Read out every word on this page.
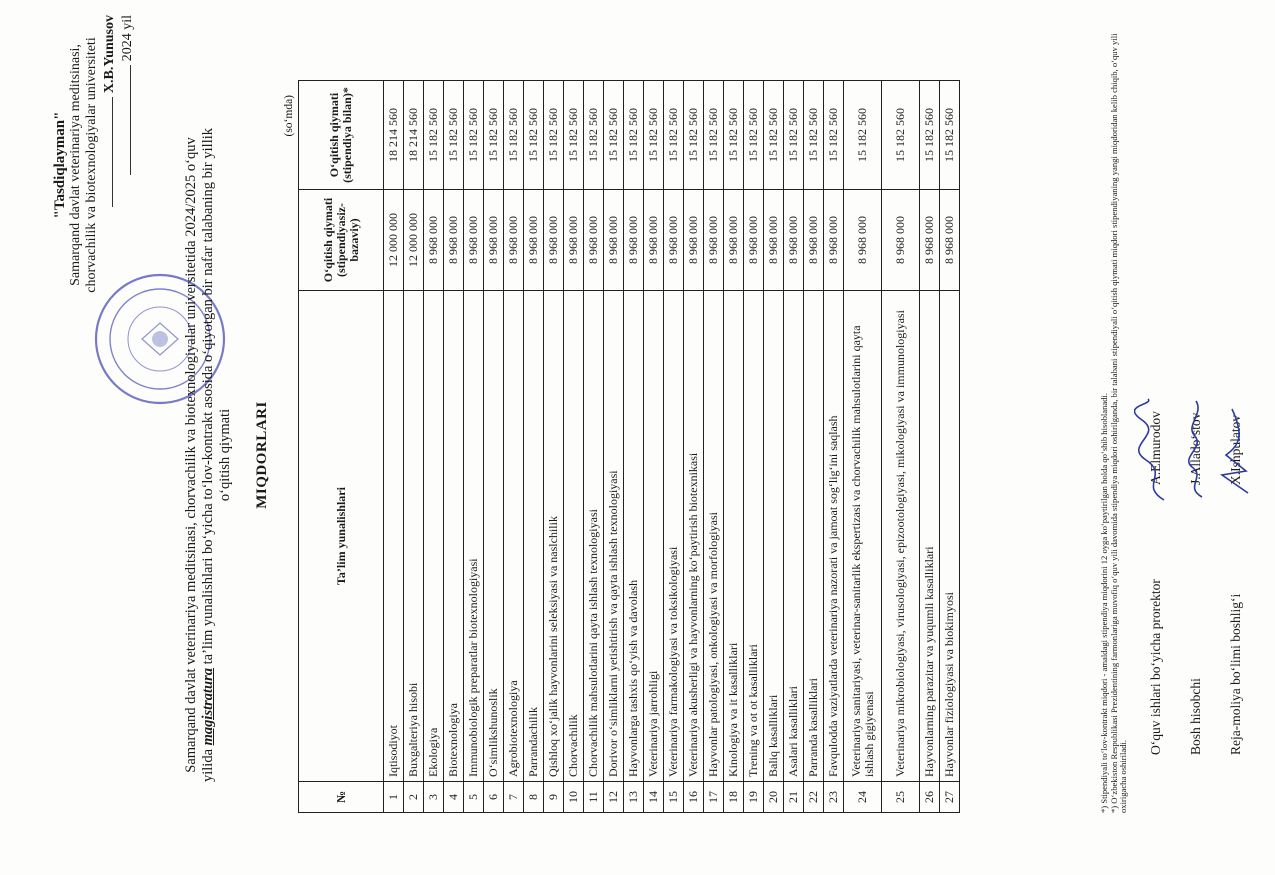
"Tasdiqlayman" Samarqand davlat veterinariya meditsinasi, chorvachilik va biotexnologiyalar universiteti X.B.Yunusov 2024 yil
Samarqand davlat veterinariya meditsinasi, chorvachilik va biotexnologiyalar universitetida 2024/2025 o‘quv yilida magistratura ta’lim yunalishlari bo‘yicha to‘lov-kontrakt asosida o‘qiyotgan bir nafar talabaning bir yillik o‘qitish qiymati MIQDORLARI
(so‘mda)
№	Ta’lim yunalishlari	O‘qitish qiymati (stipendiyasiz-bazaviy)	O‘qitish qiymati (stipendiya bilan)*
1	Iqtisodiyot	12 000 000	18 214 560
2	Buxgalteriya hisobi	12 000 000	18 214 560
3	Ekologiya	8 968 000	15 182 560
4	Biotexnologiya	8 968 000	15 182 560
5	Immunobiologik preparatlar biotexnologiyasi	8 968 000	15 182 560
6	O‘simlikshunoslik	8 968 000	15 182 560
7	Agrobiotexnologiya	8 968 000	15 182 560
8	Parrandachilik	8 968 000	15 182 560
9	Qishloq xo‘jalik hayvonlarini seleksiyasi va naslchilik	8 968 000	15 182 560
10	Chorvachilik	8 968 000	15 182 560
11	Chorvachilik mahsulotlarini qayta ishlash texnologiyasi	8 968 000	15 182 560
12	Dorivor o‘simliklarni yetishtirish va qayta ishlash texnologiyasi	8 968 000	15 182 560
13	Hayvonlarga tashxis qo‘yish va davolash	8 968 000	15 182 560
14	Veterinariya jarrohligi	8 968 000	15 182 560
15	Veterinariya farmakologiyasi va toksikologiyasi	8 968 000	15 182 560
16	Veterinariya akusherligi va hayvonlarning ko‘paytirish biotexnikasi	8 968 000	15 182 560
17	Hayvonlar patologiyasi, onkologiyasi va morfologiyasi	8 968 000	15 182 560
18	Kinologiya va it kasalliklari	8 968 000	15 182 560
19	Trening va ot ot kasalliklari	8 968 000	15 182 560
20	Baliq kasalliklari	8 968 000	15 182 560
21	Asalari kasalliklari	8 968 000	15 182 560
22	Parranda kasalliklari	8 968 000	15 182 560
23	Favqulodda vaziyatlarda veterinariya nazorati va jamoat sog‘lig‘ini saqlash	8 968 000	15 182 560
24	Veterinariya sanitariyasi, veterinar-sanitarlik ekspertizasi va chorvachilik mahsulotlarini qayta ishlash gigiyenasi	8 968 000	15 182 560
25	Veterinariya mikrobiologiyasi, virusologiyasi, epizootologiyasi, mikologiyasi va immunologiyasi	8 968 000	15 182 560
26	Hayvonlarning parazitar va yuqumli kasalliklari	8 968 000	15 182 560
27	Hayvonlar fiziologiyasi va biokimyosi	8 968 000	15 182 560
*) Stipendiyali to‘lov-kontrakt miqdori - amaldagi stipendiya miqdorini 12 oyga ko‘paytirilgan holda qo‘shib hisoblanadi. *) O‘zbekiston Respublikasi Prezidentining farmonlariga muvofiq o‘quv yili davomida stipendiya miqdori oshirilganda, bir talabani stipendiyali o‘qitish qiymati miqdori stipendiyaning yangi miqdoridan kelib chiqib, o‘quv yili oxirigacha oshiriladi.
O‘quv ishlari bo‘yicha prorektor
A.Elmurodov
Bosh hisobchi
J.Allado‘stov
Reja-moliya bo‘limi boshlig‘i
X.Ishpulatov
